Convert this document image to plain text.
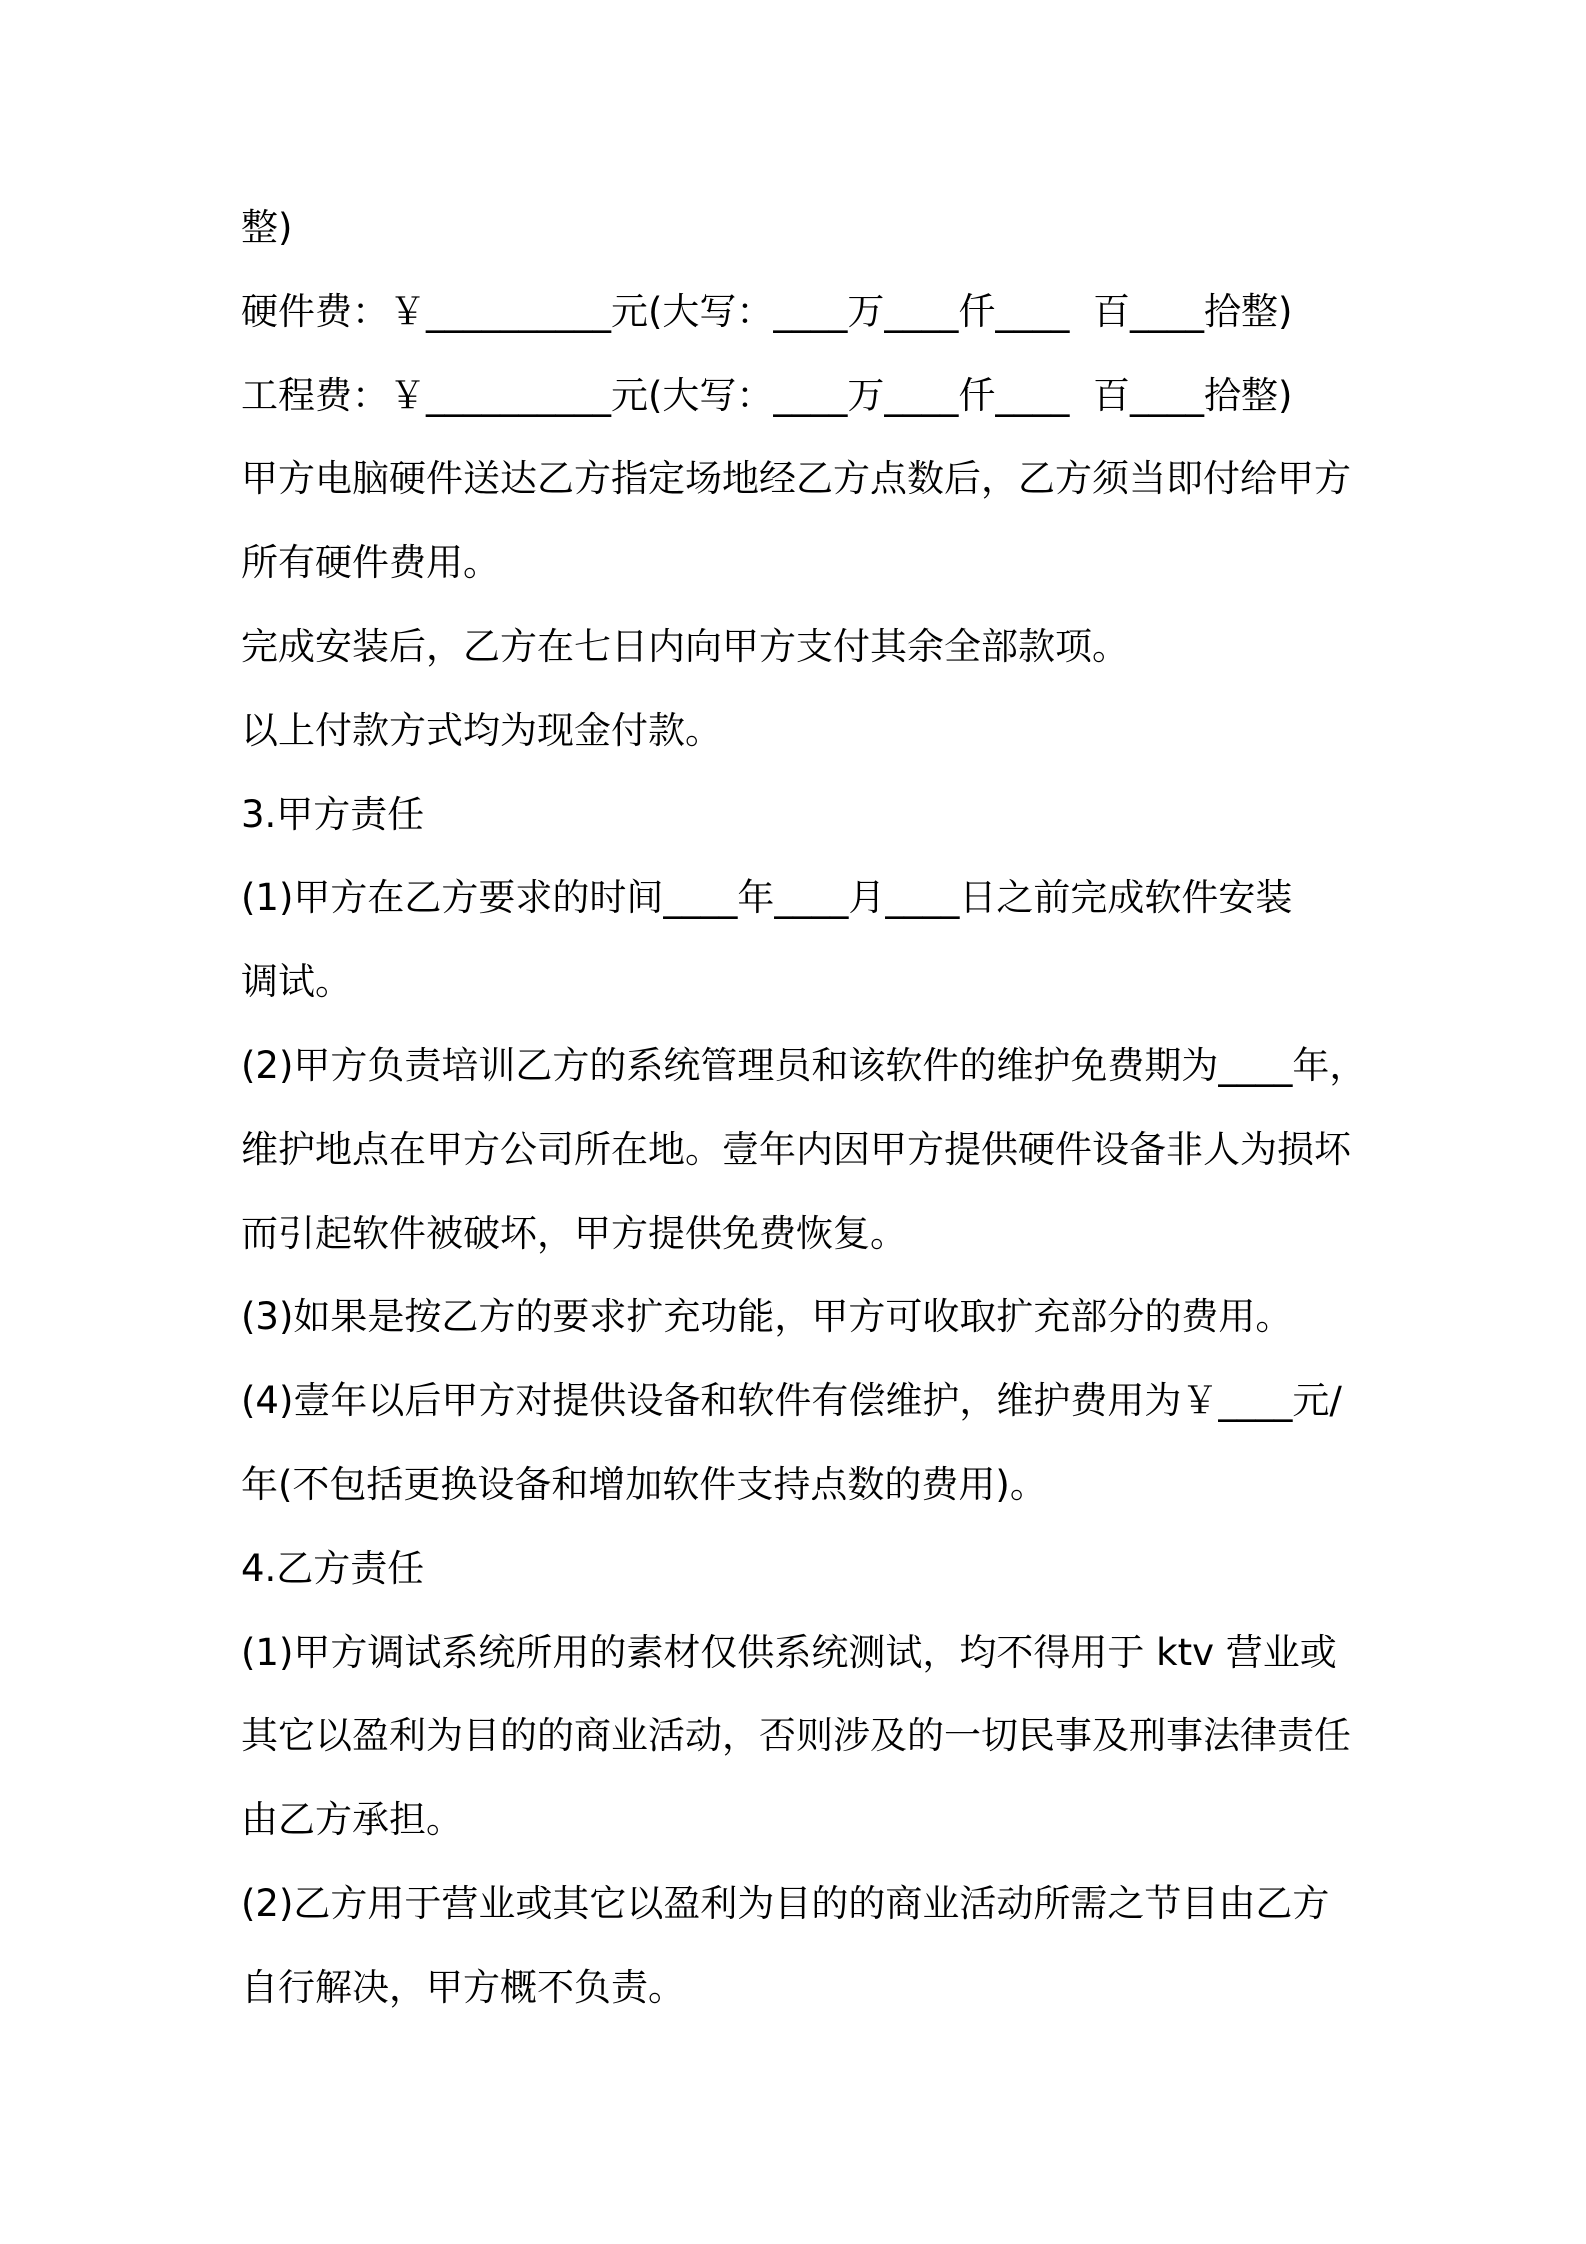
整)
硬件费：￥__________元(大写：____万____仟____  百____拾整)
工程费：￥__________元(大写：____万____仟____  百____拾整)
甲方电脑硬件送达乙方指定场地经乙方点数后，乙方须当即付给甲方
所有硬件费用。
完成安装后，乙方在七日内向甲方支付其余全部款项。
以上付款方式均为现金付款。
3.甲方责任
(1)甲方在乙方要求的时间____年____月____日之前完成软件安装
调试。
(2)甲方负责培训乙方的系统管理员和该软件的维护免费期为____年，
维护地点在甲方公司所在地。壹年内因甲方提供硬件设备非人为损坏
而引起软件被破坏，甲方提供免费恢复。
(3)如果是按乙方的要求扩充功能，甲方可收取扩充部分的费用。
(4)壹年以后甲方对提供设备和软件有偿维护，维护费用为￥____元/
年(不包括更换设备和增加软件支持点数的费用)。
4.乙方责任
(1)甲方调试系统所用的素材仅供系统测试，均不得用于 ktv 营业或
其它以盈利为目的的商业活动，否则涉及的一切民事及刑事法律责任
由乙方承担。
(2)乙方用于营业或其它以盈利为目的的商业活动所需之节目由乙方
自行解决，甲方概不负责。
